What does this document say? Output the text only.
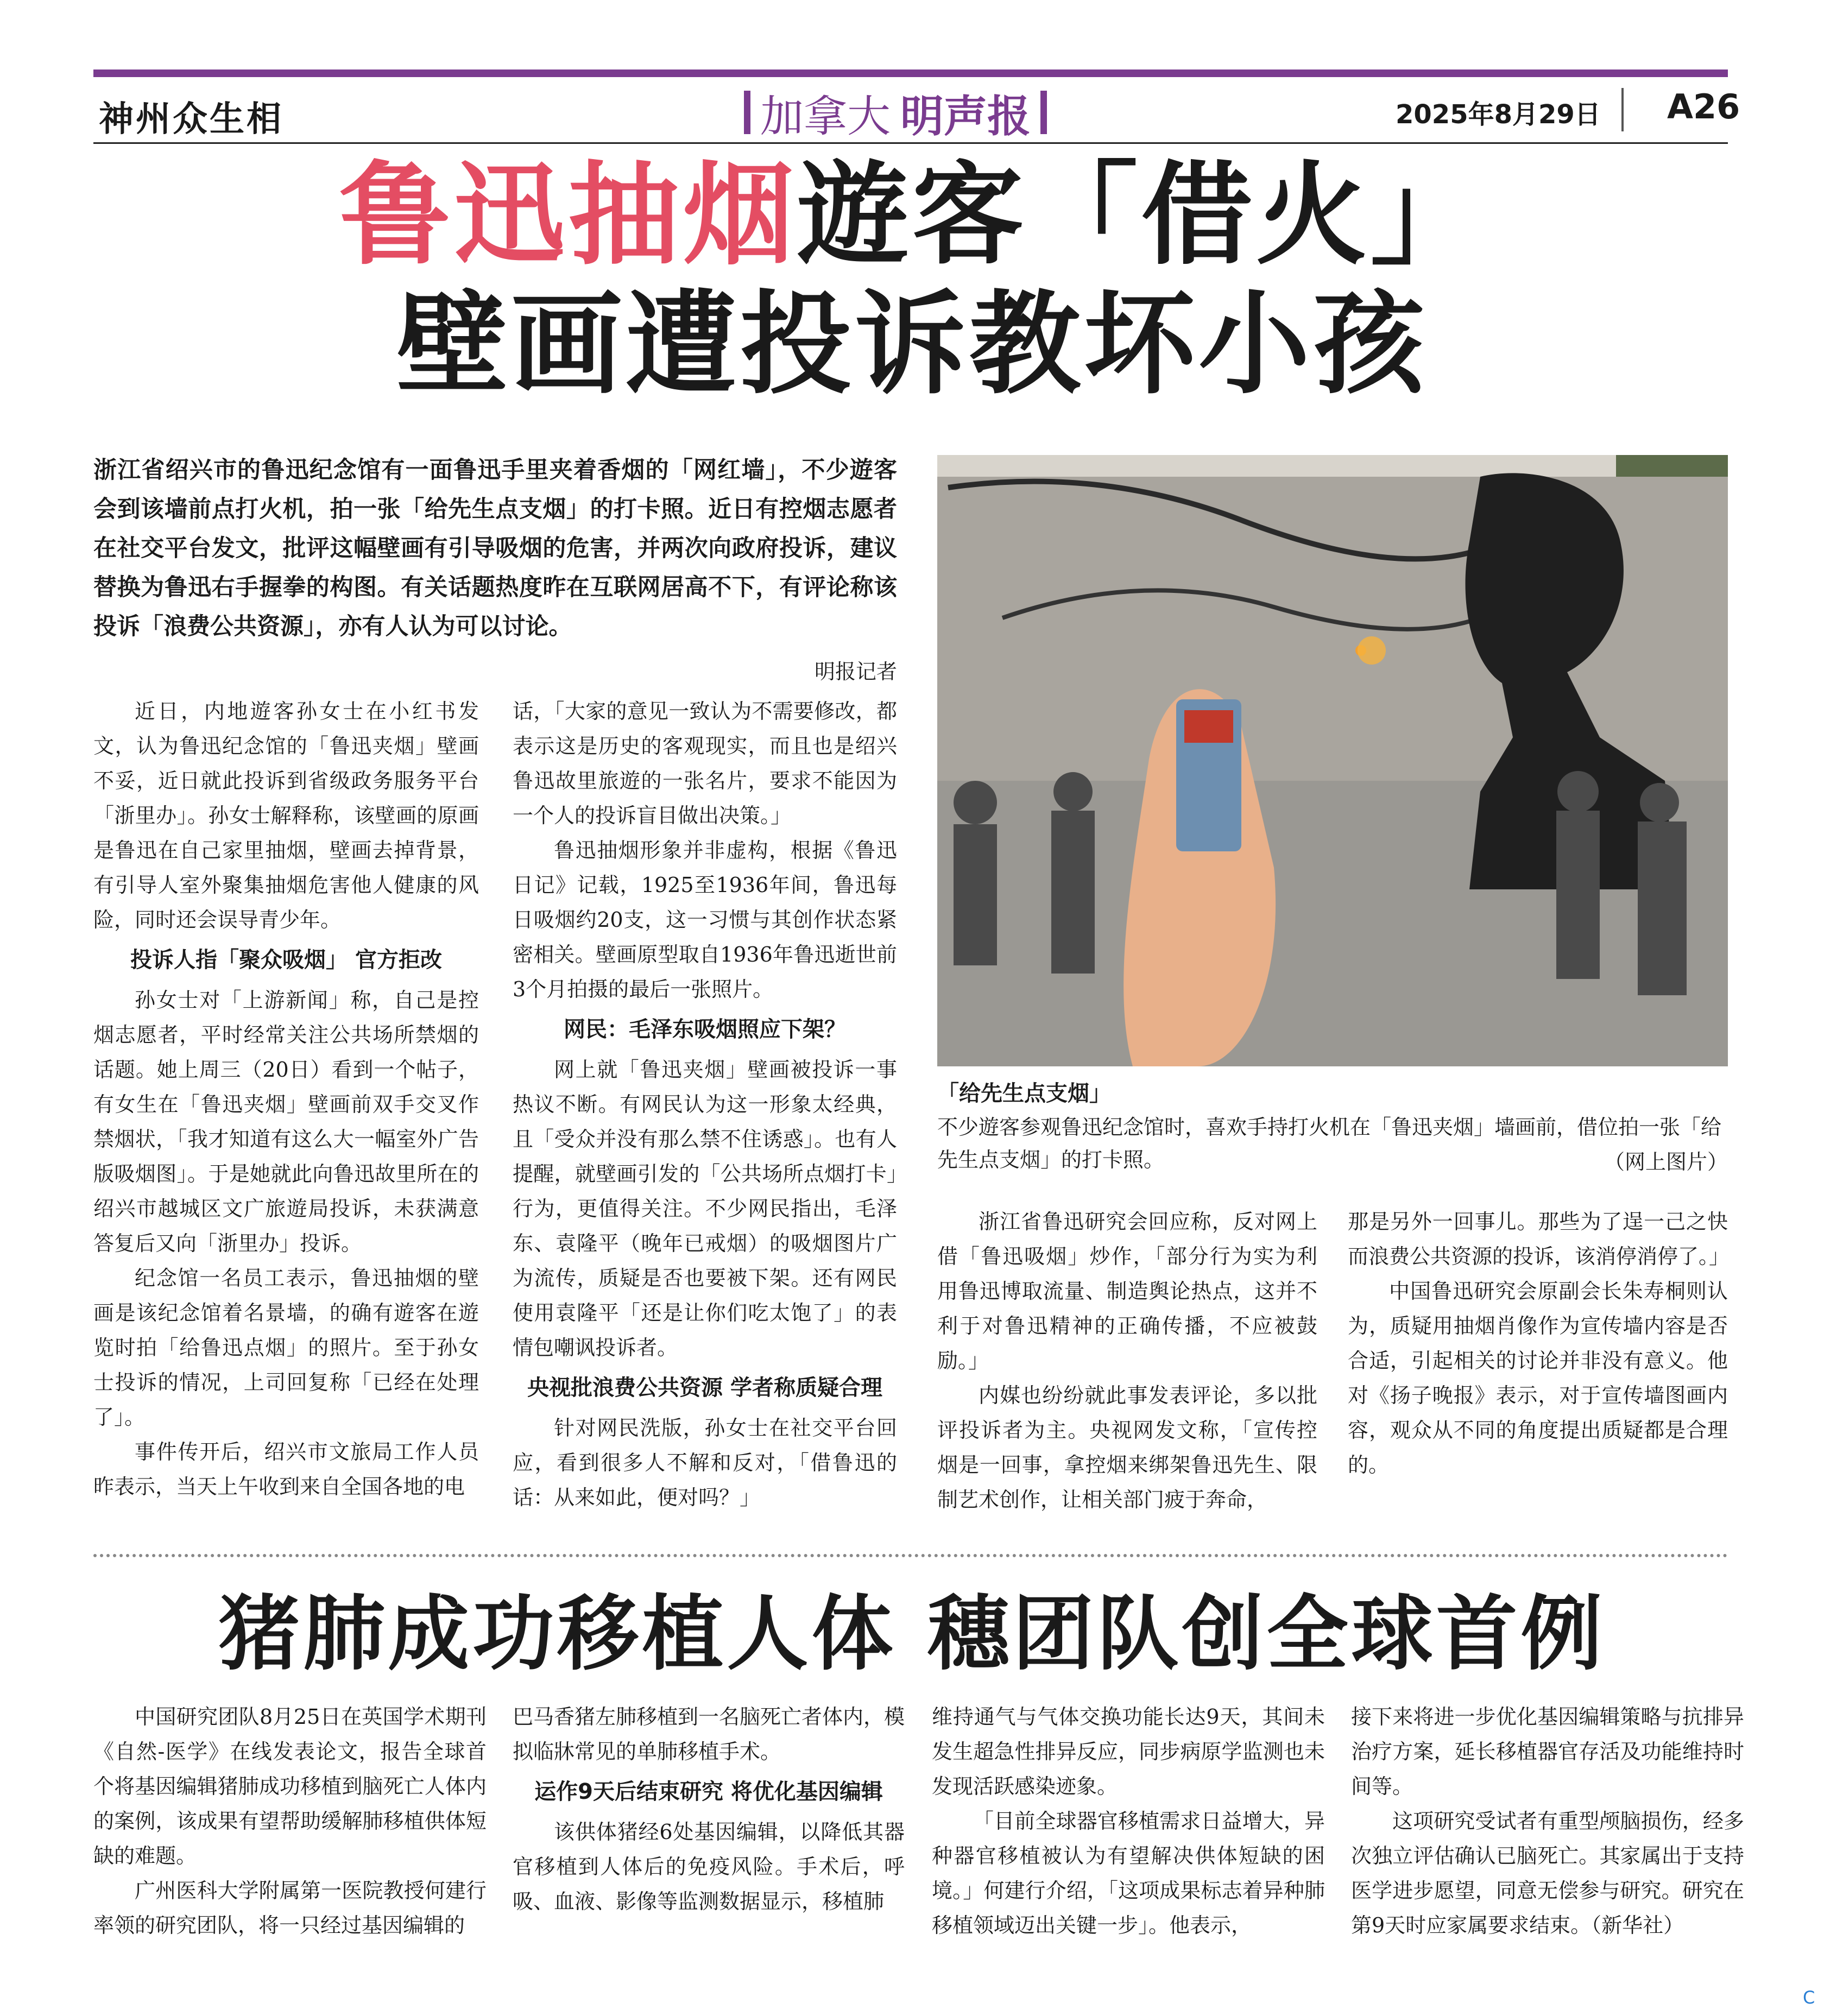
神州众生相	加拿大 明声报	2025年8月29日 A26
鲁迅抽烟遊客「借火」
壁画遭投诉教坏小孩
浙江省绍兴市的鲁迅纪念馆有一面鲁迅手里夹着香烟的「网红墙」，不少遊客会到该墙前点打火机，拍一张「给先生点支烟」的打卡照。近日有控烟志愿者在社交平台发文，批评这幅壁画有引导吸烟的危害，并两次向政府投诉，建议替换为鲁迅右手握拳的构图。有关话题热度昨在互联网居高不下，有评论称该投诉「浪费公共资源」，亦有人认为可以讨论。
明报记者

近日，内地遊客孙女士在小红书发文，认为鲁迅纪念馆的「鲁迅夹烟」壁画不妥，近日就此投诉到省级政务服务平台「浙里办」。孙女士解释称，该壁画的原画是鲁迅在自己家里抽烟，壁画去掉背景，有引导人室外聚集抽烟危害他人健康的风险，同时还会误导青少年。

投诉人指「聚众吸烟」 官方拒改

孙女士对「上游新闻」称，自己是控烟志愿者，平时经常关注公共场所禁烟的话题。她上周三（20日）看到一个帖子，有女生在「鲁迅夹烟」壁画前双手交叉作禁烟状，「我才知道有这么大一幅室外广告版吸烟图」。于是她就此向鲁迅故里所在的绍兴市越城区文广旅遊局投诉，未获满意答复后又向「浙里办」投诉。

纪念馆一名员工表示，鲁迅抽烟的壁画是该纪念馆着名景墙，的确有遊客在遊览时拍「给鲁迅点烟」的照片。至于孙女士投诉的情况，上司回复称「已经在处理了」。

事件传开后，绍兴市文旅局工作人员昨表示，当天上午收到来自全国各地的电

话，「大家的意见一致认为不需要修改，都表示这是历史的客观现实，而且也是绍兴鲁迅故里旅遊的一张名片，要求不能因为一个人的投诉盲目做出决策。」

鲁迅抽烟形象并非虚构，根据《鲁迅日记》记载，1925至1936年间，鲁迅每日吸烟约20支，这一习惯与其创作状态紧密相关。壁画原型取自1936年鲁迅逝世前3个月拍摄的最后一张照片。

网民：毛泽东吸烟照应下架？

网上就「鲁迅夹烟」壁画被投诉一事热议不断。有网民认为这一形象太经典，且「受众并没有那么禁不住诱惑」。也有人提醒，就壁画引发的「公共场所点烟打卡」行为，更值得关注。不少网民指出，毛泽东、袁隆平（晚年已戒烟）的吸烟图片广为流传，质疑是否也要被下架。还有网民使用袁隆平「还是让你们吃太饱了」的表情包嘲讽投诉者。

央视批浪费公共资源 学者称质疑合理

针对网民洗版，孙女士在社交平台回应，看到很多人不解和反对，「借鲁迅的话：从来如此，便对吗？」

「给先生点支烟」
不少遊客参观鲁迅纪念馆时，喜欢手持打火机在「鲁迅夹烟」墙画前，借位拍一张「给先生点支烟」的打卡照。	（网上图片）

浙江省鲁迅研究会回应称，反对网上借「鲁迅吸烟」炒作，「部分行为实为利用鲁迅博取流量、制造舆论热点，这并不利于对鲁迅精神的正确传播，不应被鼓励。」

内媒也纷纷就此事发表评论，多以批评投诉者为主。央视网发文称，「宣传控烟是一回事，拿控烟来绑架鲁迅先生、限制艺术创作，让相关部门疲于奔命，

那是另外一回事儿。那些为了逞一己之快而浪费公共资源的投诉，该消停消停了。」

中国鲁迅研究会原副会长朱寿桐则认为，质疑用抽烟肖像作为宣传墙内容是否合适，引起相关的讨论并非没有意义。他对《扬子晚报》表示，对于宣传墙图画内容，观众从不同的角度提出质疑都是合理的。

猪肺成功移植人体 穗团队创全球首例

中国研究团队8月25日在英国学术期刊《自然-医学》在线发表论文，报告全球首个将基因编辑猪肺成功移植到脑死亡人体内的案例，该成果有望帮助缓解肺移植供体短缺的难题。

广州医科大学附属第一医院教授何建行率领的研究团队，将一只经过基因编辑的

巴马香猪左肺移植到一名脑死亡者体内，模拟临牀常见的单肺移植手术。

运作9天后结束研究 将优化基因编辑

该供体猪经6处基因编辑，以降低其器官移植到人体后的免疫风险。手术后，呼吸、血液、影像等监测数据显示，移植肺

维持通气与气体交换功能长达9天，其间未发生超急性排异反应，同步病原学监测也未发现活跃感染迹象。

「目前全球器官移植需求日益增大，异种器官移植被认为有望解决供体短缺的困境。」何建行介绍，「这项成果标志着异种肺移植领域迈出关键一步」。他表示，

接下来将进一步优化基因编辑策略与抗排异治疗方案，延长移植器官存活及功能维持时间等。

这项研究受试者有重型颅脑损伤，经多次独立评估确认已脑死亡。其家属出于支持医学进步愿望，同意无偿参与研究。研究在第9天时应家属要求结束。（新华社）

C
